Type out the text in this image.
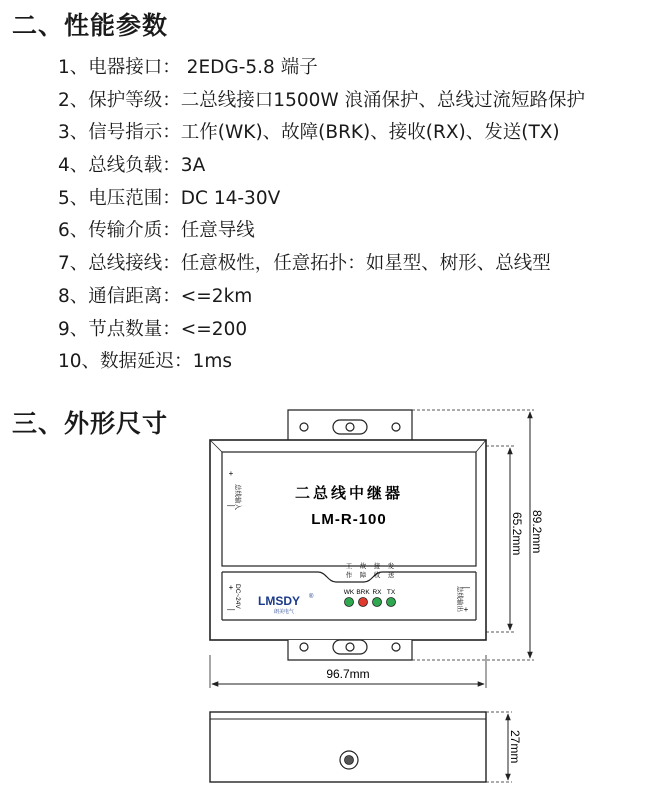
二、性能参数
1、电器接口： 2EDG-5.8 端子
2、保护等级：二总线接口1500W 浪涌保护、总线过流短路保护
3、信号指示：工作(WK)、故障(BRK)、接收(RX)、发送(TX)
4、总线负载：3A
5、电压范围：DC 14-30V
6、传输介质：任意导线
7、总线接线：任意极性，任意拓扑：如星型、树形、总线型
8、通信距离：<=2km
9、节点数量：<=200
10、数据延迟：1ms
三、外形尺寸
二总线中继器
LM-R-100
+
总线输入
—
+ DC~24V
—
—
总线输出 +
LMSDY ®
朗美电气
工
作
WK
故
障
BRK
接
收
RX
发
送
TX
65.2mm 89.2mm
96.7mm
27mm
